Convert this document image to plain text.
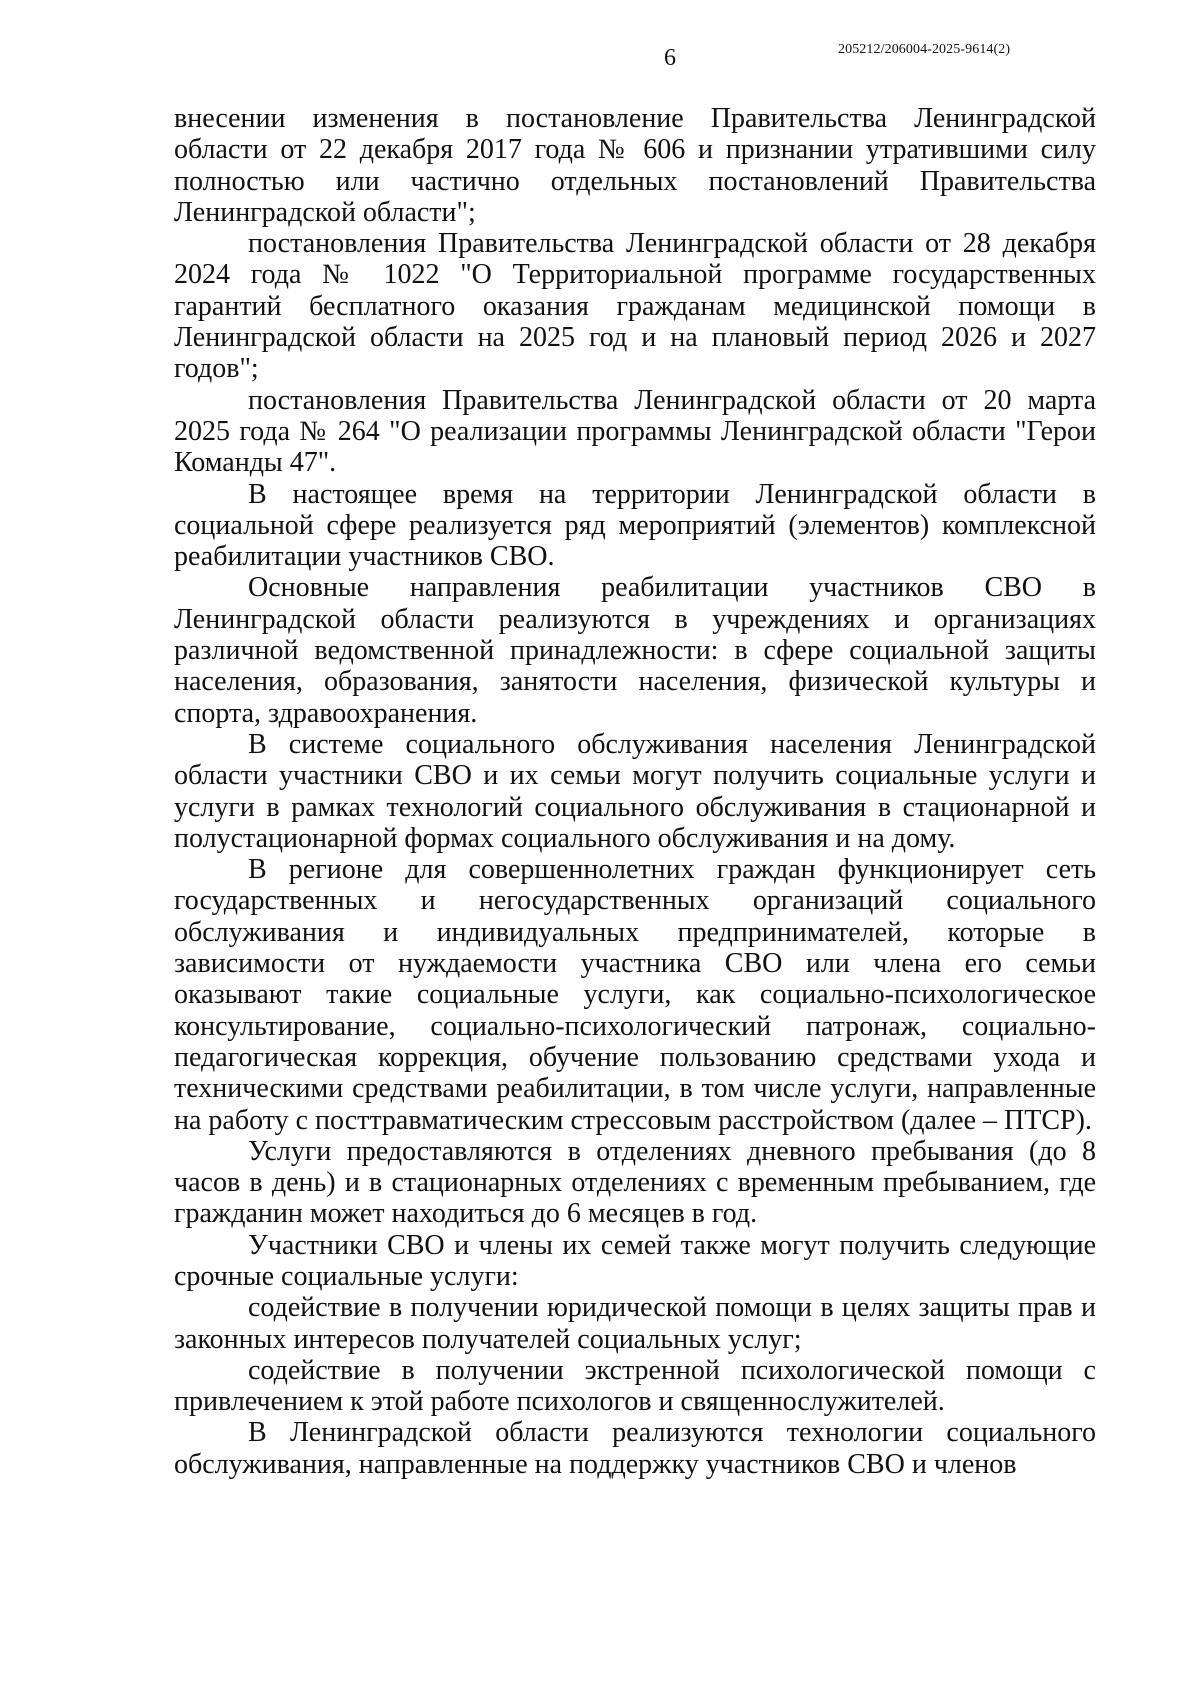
6	205212/206004-2025-9614(2)

внесении изменения в постановление Правительства Ленинградской области от 22 декабря 2017 года № 606 и признании утратившими силу полностью или частично отдельных постановлений Правительства Ленинградской области";

постановления Правительства Ленинградской области от 28 декабря 2024 года № 1022 "О Территориальной программе государственных гарантий бесплатного оказания гражданам медицинской помощи в Ленинградской области на 2025 год и на плановый период 2026 и 2027 годов";

постановления Правительства Ленинградской области от 20 марта 2025 года № 264 "О реализации программы Ленинградской области "Герои Команды 47".

В настоящее время на территории Ленинградской области в социальной сфере реализуется ряд мероприятий (элементов) комплексной реабилитации участников СВО.

Основные направления реабилитации участников СВО в Ленинградской области реализуются в учреждениях и организациях различной ведомственной принадлежности: в сфере социальной защиты населения, образования, занятости населения, физической культуры и спорта, здравоохранения.

В системе социального обслуживания населения Ленинградской области участники СВО и их семьи могут получить социальные услуги и услуги в рамках технологий социального обслуживания в стационарной и полустационарной формах социального обслуживания и на дому.

В регионе для совершеннолетних граждан функционирует сеть государственных и негосударственных организаций социального обслуживания и индивидуальных предпринимателей, которые в зависимости от нуждаемости участника СВО или члена его семьи оказывают такие социальные услуги, как социально-психологическое консультирование, социально-психологический патронаж, социально-педагогическая коррекция, обучение пользованию средствами ухода и техническими средствами реабилитации, в том числе услуги, направленные на работу с посттравматическим стрессовым расстройством (далее – ПТСР).

Услуги предоставляются в отделениях дневного пребывания (до 8 часов в день) и в стационарных отделениях с временным пребыванием, где гражданин может находиться до 6 месяцев в год.

Участники СВО и члены их семей также могут получить следующие срочные социальные услуги:

содействие в получении юридической помощи в целях защиты прав и законных интересов получателей социальных услуг;

содействие в получении экстренной психологической помощи с привлечением к этой работе психологов и священнослужителей.

В Ленинградской области реализуются технологии социального обслуживания, направленные на поддержку участников СВО и членов
